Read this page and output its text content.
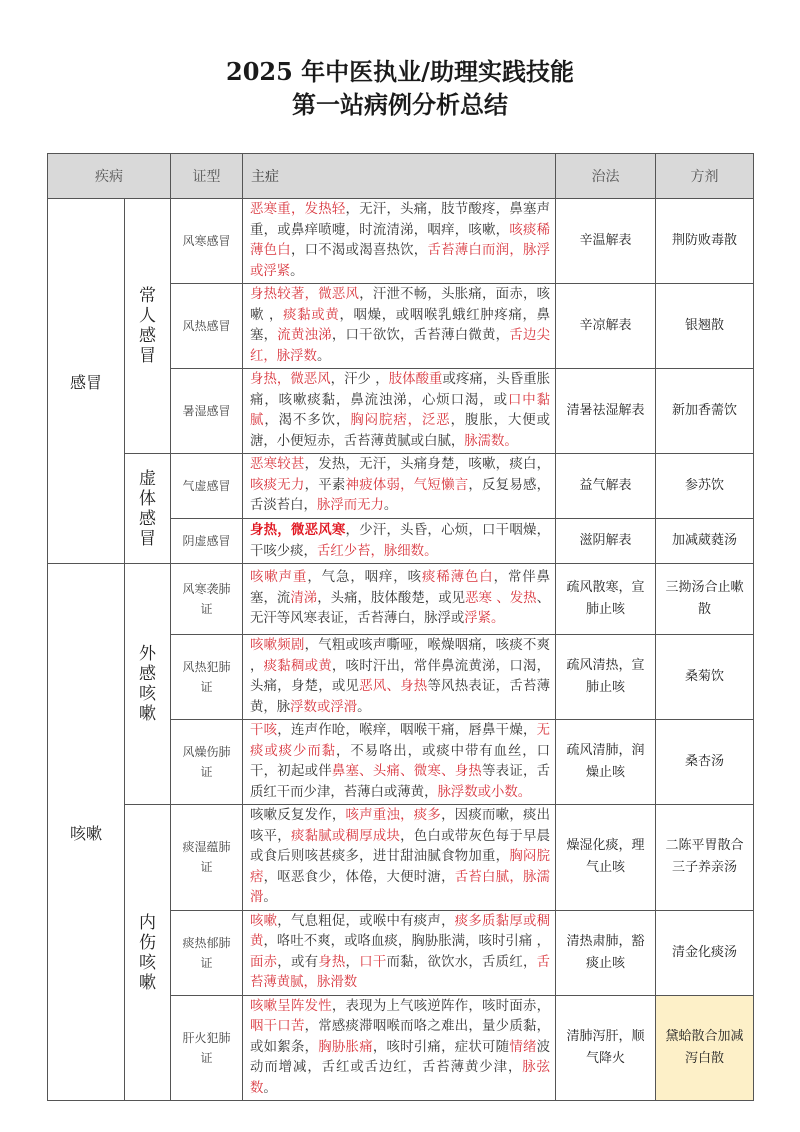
2025 年中医执业/助理实践技能
第一站病例分析总结
疾病		证型	主症	治法	方剂
感冒	常人感冒	风寒感冒	恶寒重，发热轻，无汗，头痛，肢节酸疼，鼻塞声重，或鼻痒喷嚏，时流清涕，咽痒，咳嗽，咳痰稀薄色白，口不渴或渴喜热饮，舌苔薄白而润，脉浮或浮紧。	辛温解表	荆防败毒散
		风热感冒	身热较著，微恶风，汗泄不畅，头胀痛，面赤，咳嗽 ，痰黏或黄，咽燥，或咽喉乳蛾红肿疼痛，鼻塞，流黄浊涕，口干欲饮，舌苔薄白微黄，舌边尖红，脉浮数。	辛凉解表	银翘散
		暑湿感冒	身热，微恶风，汗少 ，肢体酸重或疼痛，头昏重胀痛，咳嗽痰黏，鼻流浊涕，心烦口渴，或口中黏腻，渴不多饮，胸闷脘痞，泛恶，腹胀，大便或溏，小便短赤，舌苔薄黄腻或白腻，脉濡数。	清暑祛湿解表	新加香薷饮
	虚体感冒	气虚感冒	恶寒较甚，发热，无汗，头痛身楚，咳嗽，痰白，咳痰无力，平素神疲体弱，气短懒言，反复易感，舌淡苔白，脉浮而无力。	益气解表	参苏饮
		阴虚感冒	身热，微恶风寒，少汗，头昏，心烦，口干咽燥，干咳少痰，舌红少苔，脉细数。	滋阴解表	加减葳蕤汤
咳嗽	外感咳嗽	风寒袭肺证	咳嗽声重，气急，咽痒，咳痰稀薄色白，常伴鼻塞，流清涕，头痛，肢体酸楚，或见恶寒 、发热、无汗等风寒表证，舌苔薄白，脉浮或浮紧。	疏风散寒，宣肺止咳	三拗汤合止嗽散
		风热犯肺证	咳嗽频剧，气粗或咳声嘶哑，喉燥咽痛，咳痰不爽 ，痰黏稠或黄，咳时汗出，常伴鼻流黄涕，口渴，头痛，身楚，或见恶风、身热等风热表证，舌苔薄黄，脉浮数或浮滑。	疏风清热，宣肺止咳	桑菊饮
		风燥伤肺证	干咳，连声作呛，喉痒，咽喉干痛，唇鼻干燥，无痰或痰少而黏，不易咯出，或痰中带有血丝，口干，初起或伴鼻塞、头痛、微寒、身热等表证，舌质红干而少津，苔薄白或薄黄，脉浮数或小数。	疏风清肺，润燥止咳	桑杏汤
	内伤咳嗽	痰湿蕴肺证	咳嗽反复发作，咳声重浊，痰多，因痰而嗽，痰出咳平，痰黏腻或稠厚成块，色白或带灰色每于早晨或食后则咳甚痰多，进甘甜油腻食物加重，胸闷脘痞，呕恶食少，体倦，大便时溏，舌苔白腻，脉濡滑。	燥湿化痰，理气止咳	二陈平胃散合三子养亲汤
		痰热郁肺证	咳嗽，气息粗促，或喉中有痰声，痰多质黏厚或稠黄，咯吐不爽，或咯血痰，胸胁胀满，咳时引痛 ，面赤，或有身热，口干而黏，欲饮水，舌质红，舌苔薄黄腻，脉滑数	清热肃肺，豁痰止咳	清金化痰汤
		肝火犯肺证	咳嗽呈阵发性，表现为上气咳逆阵作，咳时面赤，咽干口苦，常感痰滞咽喉而咯之难出，量少质黏，或如絮条，胸胁胀痛，咳时引痛，症状可随情绪波动而增减，舌红或舌边红，舌苔薄黄少津，脉弦数。	清肺泻肝，顺气降火	黛蛤散合加减泻白散
